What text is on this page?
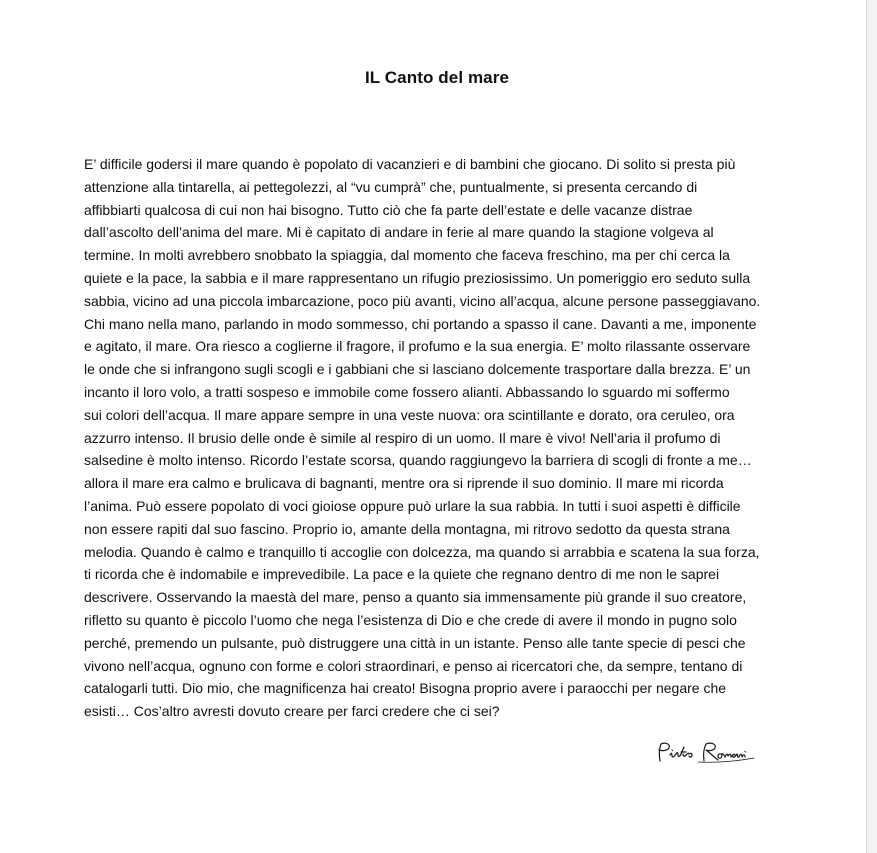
IL Canto del mare
E’ difficile godersi il mare quando è popolato di vacanzieri e di bambini che giocano. Di solito si presta più
attenzione alla tintarella, ai pettegolezzi, al “vu cumprà” che, puntualmente, si presenta cercando di
affibbiarti qualcosa di cui non hai bisogno. Tutto ciò che fa parte dell’estate e delle vacanze distrae
dall’ascolto dell’anima del mare. Mi è capitato di andare in ferie al mare quando la stagione volgeva al
termine. In molti avrebbero snobbato la spiaggia, dal momento che faceva freschino, ma per chi cerca la
quiete e la pace, la sabbia e il mare rappresentano un rifugio preziosissimo. Un pomeriggio ero seduto sulla
sabbia, vicino ad una piccola imbarcazione, poco più avanti, vicino all’acqua, alcune persone passeggiavano.
Chi mano nella mano, parlando in modo sommesso, chi portando a spasso il cane. Davanti a me, imponente
e agitato, il mare. Ora riesco a coglierne il fragore, il profumo e la sua energia. E’ molto rilassante osservare
le onde che si infrangono sugli scogli e i gabbiani che si lasciano dolcemente trasportare dalla brezza. E’ un
incanto il loro volo, a tratti sospeso e immobile come fossero alianti. Abbassando lo sguardo mi soffermo
sui colori dell’acqua. Il mare appare sempre in una veste nuova: ora scintillante e dorato, ora ceruleo, ora
azzurro intenso. Il brusio delle onde è simile al respiro di un uomo. Il mare è vivo! Nell’aria il profumo di
salsedine è molto intenso. Ricordo l’estate scorsa, quando raggiungevo la barriera di scogli di fronte a me…
allora il mare era calmo e brulicava di bagnanti, mentre ora si riprende il suo dominio. Il mare mi ricorda
l’anima. Può essere popolato di voci gioiose oppure può urlare la sua rabbia. In tutti i suoi aspetti è difficile
non essere rapiti dal suo fascino. Proprio io, amante della montagna, mi ritrovo sedotto da questa strana
melodia. Quando è calmo e tranquillo ti accoglie con dolcezza, ma quando si arrabbia e scatena la sua forza,
ti ricorda che è indomabile e imprevedibile. La pace e la quiete che regnano dentro di me non le saprei
descrivere. Osservando la maestà del mare, penso a quanto sia immensamente più grande il suo creatore,
rifletto su quanto è piccolo l’uomo che nega l’esistenza di Dio e che crede di avere il mondo in pugno solo
perché, premendo un pulsante, può distruggere una città in un istante. Penso alle tante specie di pesci che
vivono nell’acqua, ognuno con forme e colori straordinari, e penso ai ricercatori che, da sempre, tentano di
catalogarli tutti. Dio mio, che magnificenza hai creato! Bisogna proprio avere i paraocchi per negare che
esisti… Cos’altro avresti dovuto creare per farci credere che ci sei?
